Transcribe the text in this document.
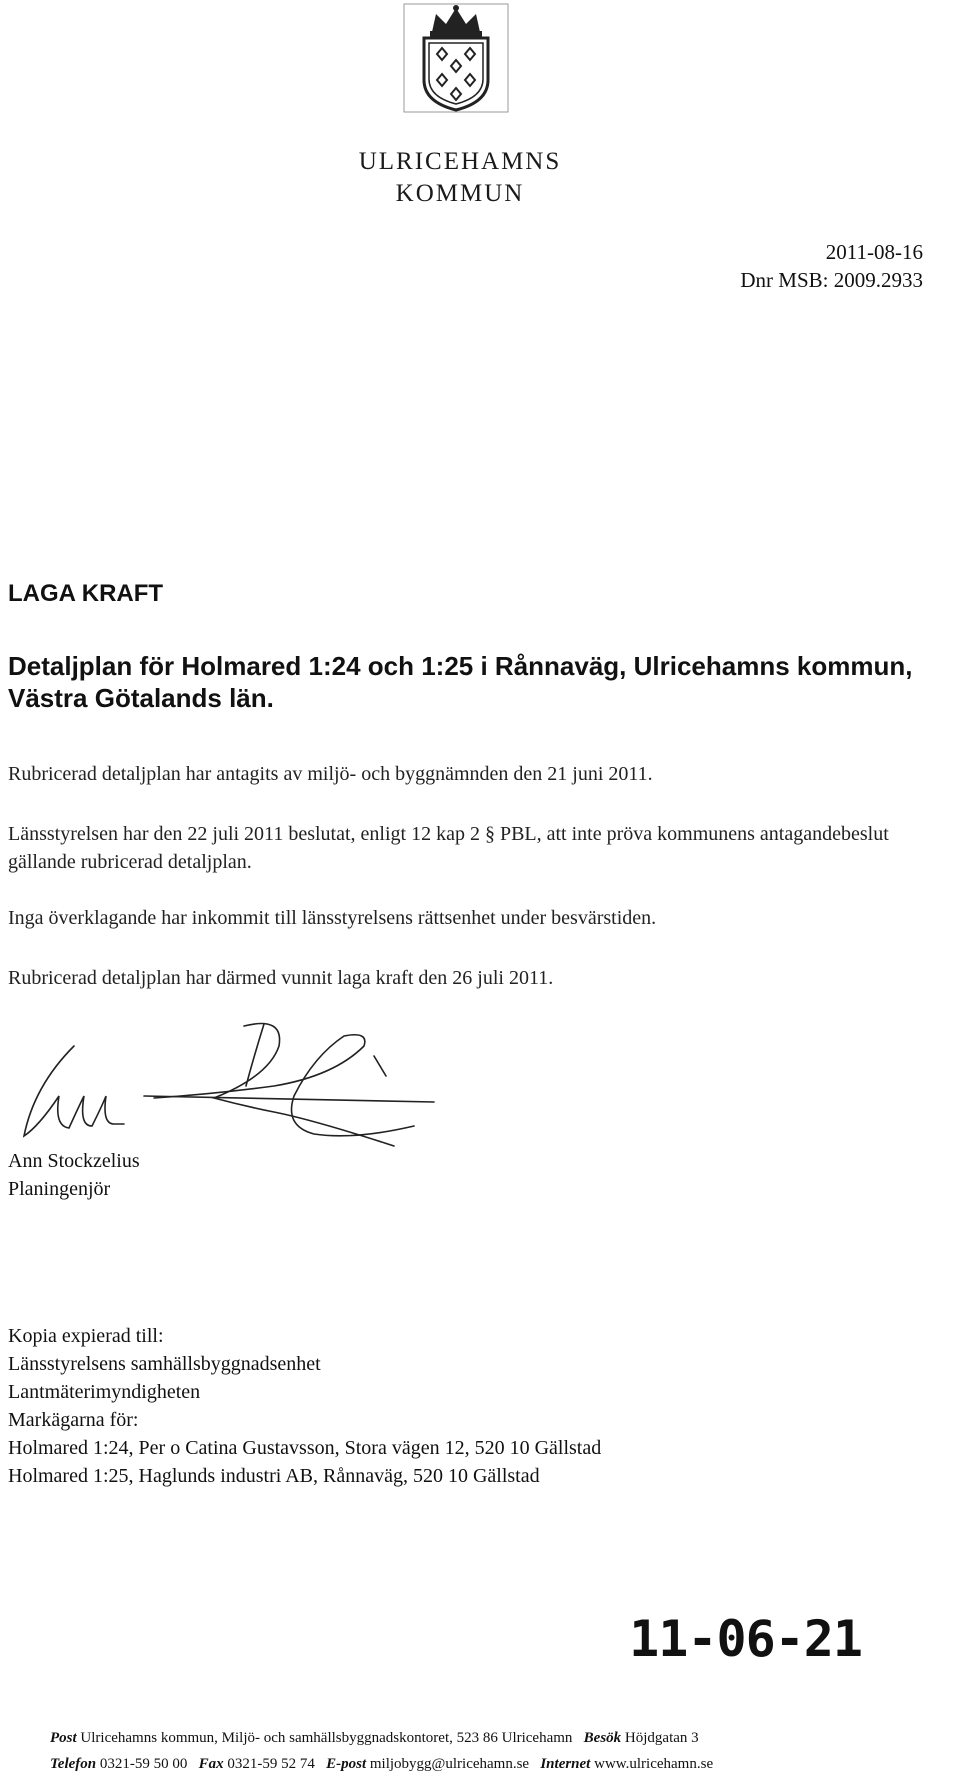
ULRICEHAMNS
KOMMUN
2011-08-16
Dnr MSB: 2009.2933
LAGA KRAFT
Detaljplan för Holmared 1:24 och 1:25 i Rånnaväg, Ulricehamns kommun, Västra Götalands län.
Rubricerad detaljplan har antagits av miljö- och byggnämnden den 21 juni 2011.
Länsstyrelsen har den 22 juli 2011 beslutat, enligt 12 kap 2 § PBL, att inte pröva kommunens antagandebeslut gällande rubricerad detaljplan.
Inga överklagande har inkommit till länsstyrelsens rättsenhet under besvärstiden.
Rubricerad detaljplan har därmed vunnit laga kraft den 26 juli 2011.
Ann Stockzelius
Planingenjör
Kopia expierad till:
Länsstyrelsens samhällsbyggnadsenhet
Lantmäterimyndigheten
Markägarna för:
Holmared 1:24, Per o Catina Gustavsson, Stora vägen 12, 520 10 Gällstad
Holmared 1:25, Haglunds industri AB, Rånnaväg, 520 10 Gällstad
11-06-21
Post Ulricehamns kommun, Miljö- och samhällsbyggnadskontoret, 523 86 Ulricehamn Besök Höjdgatan 3
Telefon 0321-59 50 00 Fax 0321-59 52 74 E-post miljobygg@ulricehamn.se Internet www.ulricehamn.se
